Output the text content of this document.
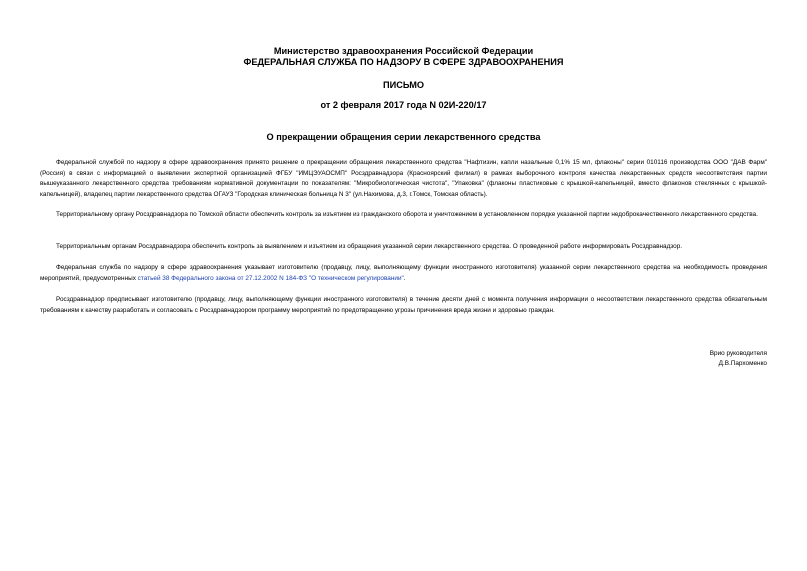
Министерство здравоохранения Российской Федерации
ФЕДЕРАЛЬНАЯ СЛУЖБА ПО НАДЗОРУ В СФЕРЕ ЗДРАВООХРАНЕНИЯ
ПИСЬМО
от 2 февраля 2017 года N 02И-220/17
О прекращении обращения серии лекарственного средства

Федеральной службой по надзору в сфере здравоохранения принято решение о прекращении обращения лекарственного средства "Нафтизин, капли назальные 0,1% 15 мл, флаконы" серии 010116 производства ООО "ДАВ Фарм" (Россия) в связи с информацией о выявлении экспертной организацией ФГБУ "ИМЦЭУАОСМП" Росздравнадзора (Красноярский филиал) в рамках выборочного контроля качества лекарственных средств несоответствия партии вышеуказанного лекарственного средства требованиям нормативной документации по показателям: "Микробиологическая чистота", "Упаковка" (флаконы пластиковые с крышкой-капельницей, вместо флаконов стеклянных с крышкой-капельницей), владелец партии лекарственного средства ОГАУЗ "Городская клиническая больница N 3" (ул.Нахимова, д.3, г.Томск, Томская область).

Территориальному органу Росздравнадзора по Томской области обеспечить контроль за изъятием из гражданского оборота и уничтожением в установленном порядке указанной партии недоброкачественного лекарственного средства.

Территориальным органам Росздравнадзора обеспечить контроль за выявлением и изъятием из обращения указанной серии лекарственного средства. О проведенной работе информировать Росздравнадзор.

Федеральная служба по надзору в сфере здравоохранения указывает изготовителю (продавцу, лицу, выполняющему функции иностранного изготовителя) указанной серии лекарственного средства на необходимость проведения мероприятий, предусмотренных статьей 38 Федерального закона от 27.12.2002 N 184-ФЗ "О техническом регулировании".

Росздравнадзор предписывает изготовителю (продавцу, лицу, выполняющему функции иностранного изготовителя) в течение десяти дней с момента получения информации о несоответствии лекарственного средства обязательным требованиям к качеству разработать и согласовать с Росздравнадзором программу мероприятий по предотвращению угрозы причинения вреда жизни и здоровью граждан.

Врио руководителя
Д.В.Пархоменко
